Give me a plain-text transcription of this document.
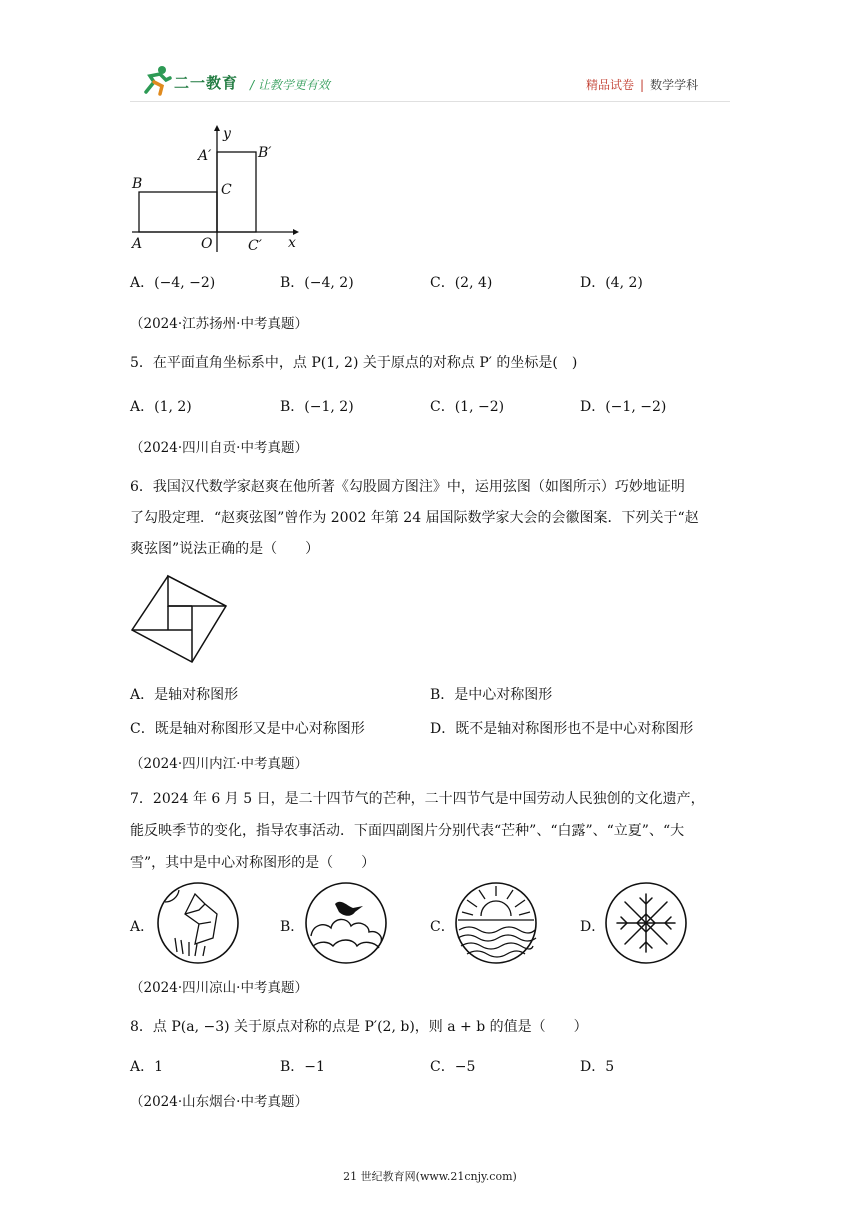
二一教育 / 让教学更有效	精品试卷 | 数学学科
y
x
A′	B′
B	C
A	O	C′
A．(−4, −2)	B．(−4, 2)	C．(2, 4)	D．(4, 2)
（2024·江苏扬州·中考真题）
5．在平面直角坐标系中，点 P(1, 2) 关于原点的对称点 P′ 的坐标是(　)
A．(1, 2)	B．(−1, 2)	C．(1, −2)	D．(−1, −2)
（2024·四川自贡·中考真题）
6．我国汉代数学家赵爽在他所著《勾股圆方图注》中，运用弦图（如图所示）巧妙地证明
了勾股定理．“赵爽弦图”曾作为 2002 年第 24 届国际数学家大会的会徽图案．下列关于“赵
爽弦图”说法正确的是（　　）
A．是轴对称图形	B．是中心对称图形
C．既是轴对称图形又是中心对称图形	D．既不是轴对称图形也不是中心对称图形
（2024·四川内江·中考真题）
7．2024 年 6 月 5 日，是二十四节气的芒种，二十四节气是中国劳动人民独创的文化遗产，
能反映季节的变化，指导农事活动．下面四副图片分别代表“芒种”、“白露”、“立夏”、“大
雪”，其中是中心对称图形的是（　　）
A．	B．	C．	D．
（2024·四川凉山·中考真题）
8．点 P(a, −3) 关于原点对称的点是 P′(2, b)，则 a + b 的值是（　　）
A．1	B．−1	C．−5	D．5
（2024·山东烟台·中考真题）
21 世纪教育网(www.21cnjy.com)
